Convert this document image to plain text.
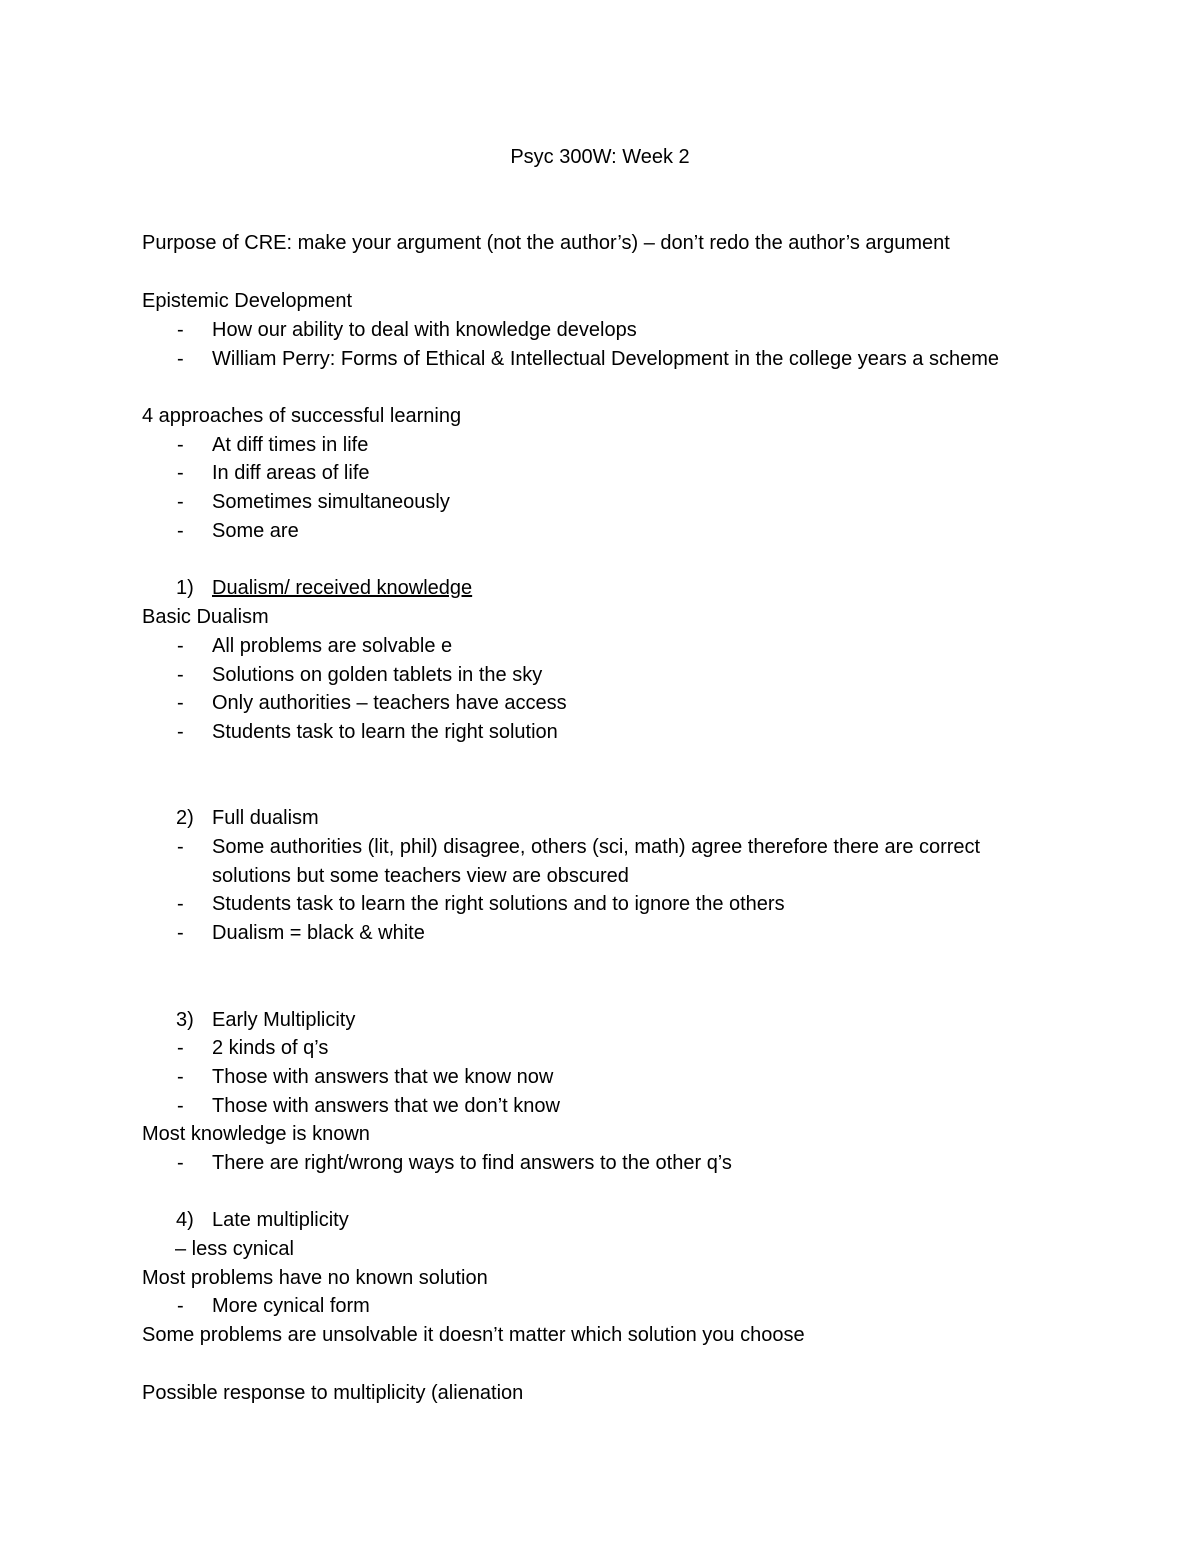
Psyc 300W: Week 2
Purpose of CRE: make your argument (not the author’s) – don’t redo the author’s argument
Epistemic Development
- How our ability to deal with knowledge develops
- William Perry: Forms of Ethical & Intellectual Development in the college years a scheme
4 approaches of successful learning
- At diff times in life
- In diff areas of life
- Sometimes simultaneously
- Some are
1) Dualism/ received knowledge
Basic Dualism
- All problems are solvable e
- Solutions on golden tablets in the sky
- Only authorities – teachers have access
- Students task to learn the right solution
2) Full dualism
- Some authorities (lit, phil) disagree, others (sci, math) agree therefore there are correct
solutions but some teachers view are obscured
- Students task to learn the right solutions and to ignore the others
- Dualism = black & white
3) Early Multiplicity
- 2 kinds of q’s
- Those with answers that we know now
- Those with answers that we don’t know
Most knowledge is known
- There are right/wrong ways to find answers to the other q’s
4) Late multiplicity
– less cynical
Most problems have no known solution
- More cynical form
Some problems are unsolvable it doesn’t matter which solution you choose
Possible response to multiplicity (alienation
